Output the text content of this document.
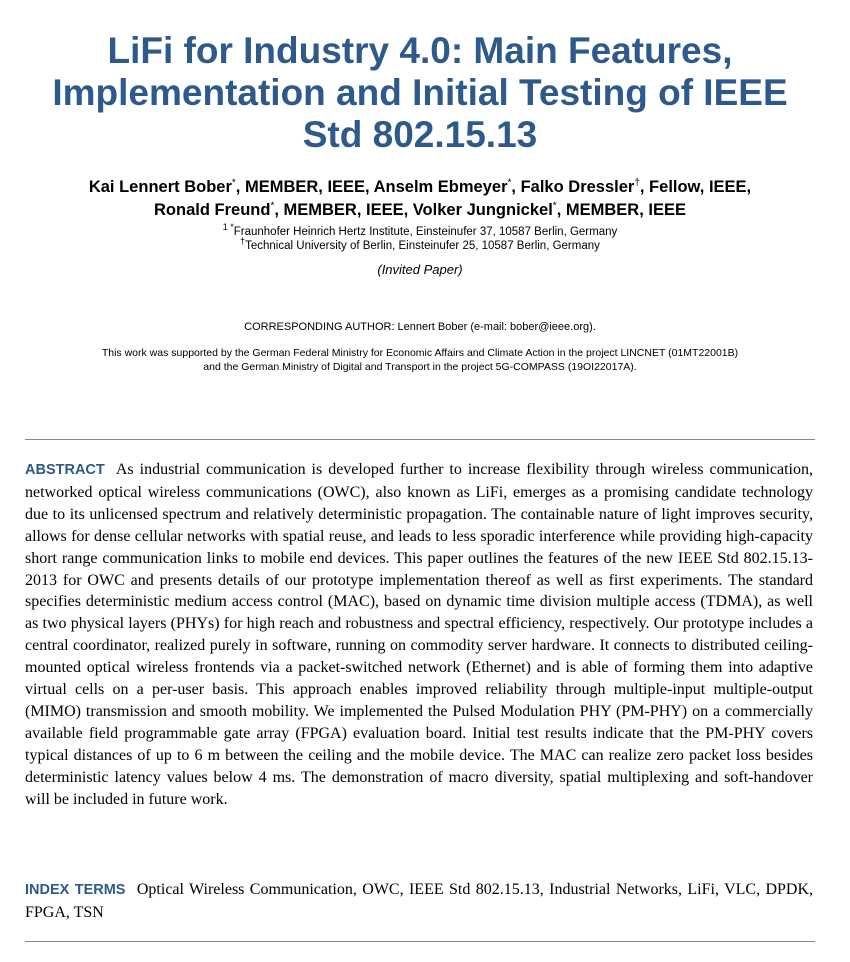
LiFi for Industry 4.0: Main Features, Implementation and Initial Testing of IEEE Std 802.15.13
Kai Lennert Bober*, MEMBER, IEEE, Anselm Ebmeyer*, Falko Dressler†, Fellow, IEEE,
Ronald Freund*, MEMBER, IEEE, Volker Jungnickel*, MEMBER, IEEE
$^{1 *}$Fraunhofer Heinrich Hertz Institute, Einsteinufer 37, 10587 Berlin, Germany
†Technical University of Berlin, Einsteinufer 25, 10587 Berlin, Germany
(Invited Paper)
CORRESPONDING AUTHOR: Lennert Bober (e-mail: bober@ieee.org).
This work was supported by the German Federal Ministry for Economic Affairs and Climate Action in the project LINCNET (01MT22001B)
and the German Ministry of Digital and Transport in the project 5G-COMPASS (19OI22017A).

ABSTRACT As industrial communication is developed further to increase flexibility through wireless communication, networked optical wireless communications (OWC), also known as LiFi, emerges as a promising candidate technology due to its unlicensed spectrum and relatively deterministic propagation. The containable nature of light improves security, allows for dense cellular networks with spatial reuse, and leads to less sporadic interference while providing high-capacity short range communication links to mobile end devices. This paper outlines the features of the new IEEE Std 802.15.13-2013 for OWC and presents details of our prototype implementation thereof as well as first experiments. The standard specifies deterministic medium access control (MAC), based on dynamic time division multiple access (TDMA), as well as two physical layers (PHYs) for high reach and robustness and spectral efficiency, respectively. Our prototype includes a central coordinator, realized purely in software, running on commodity server hardware. It connects to distributed ceiling-mounted optical wireless frontends via a packet-switched network (Ethernet) and is able of forming them into adaptive virtual cells on a per-user basis. This approach enables improved reliability through multiple-input multiple-output (MIMO) transmission and smooth mobility. We implemented the Pulsed Modulation PHY (PM-PHY) on a commercially available field programmable gate array (FPGA) evaluation board. Initial test results indicate that the PM-PHY covers typical distances of up to 6 m between the ceiling and the mobile device. The MAC can realize zero packet loss besides deterministic latency values below 4 ms. The demonstration of macro diversity, spatial multiplexing and soft-handover will be included in future work.

INDEX TERMS Optical Wireless Communication, OWC, IEEE Std 802.15.13, Industrial Networks, LiFi, VLC, DPDK, FPGA, TSN
